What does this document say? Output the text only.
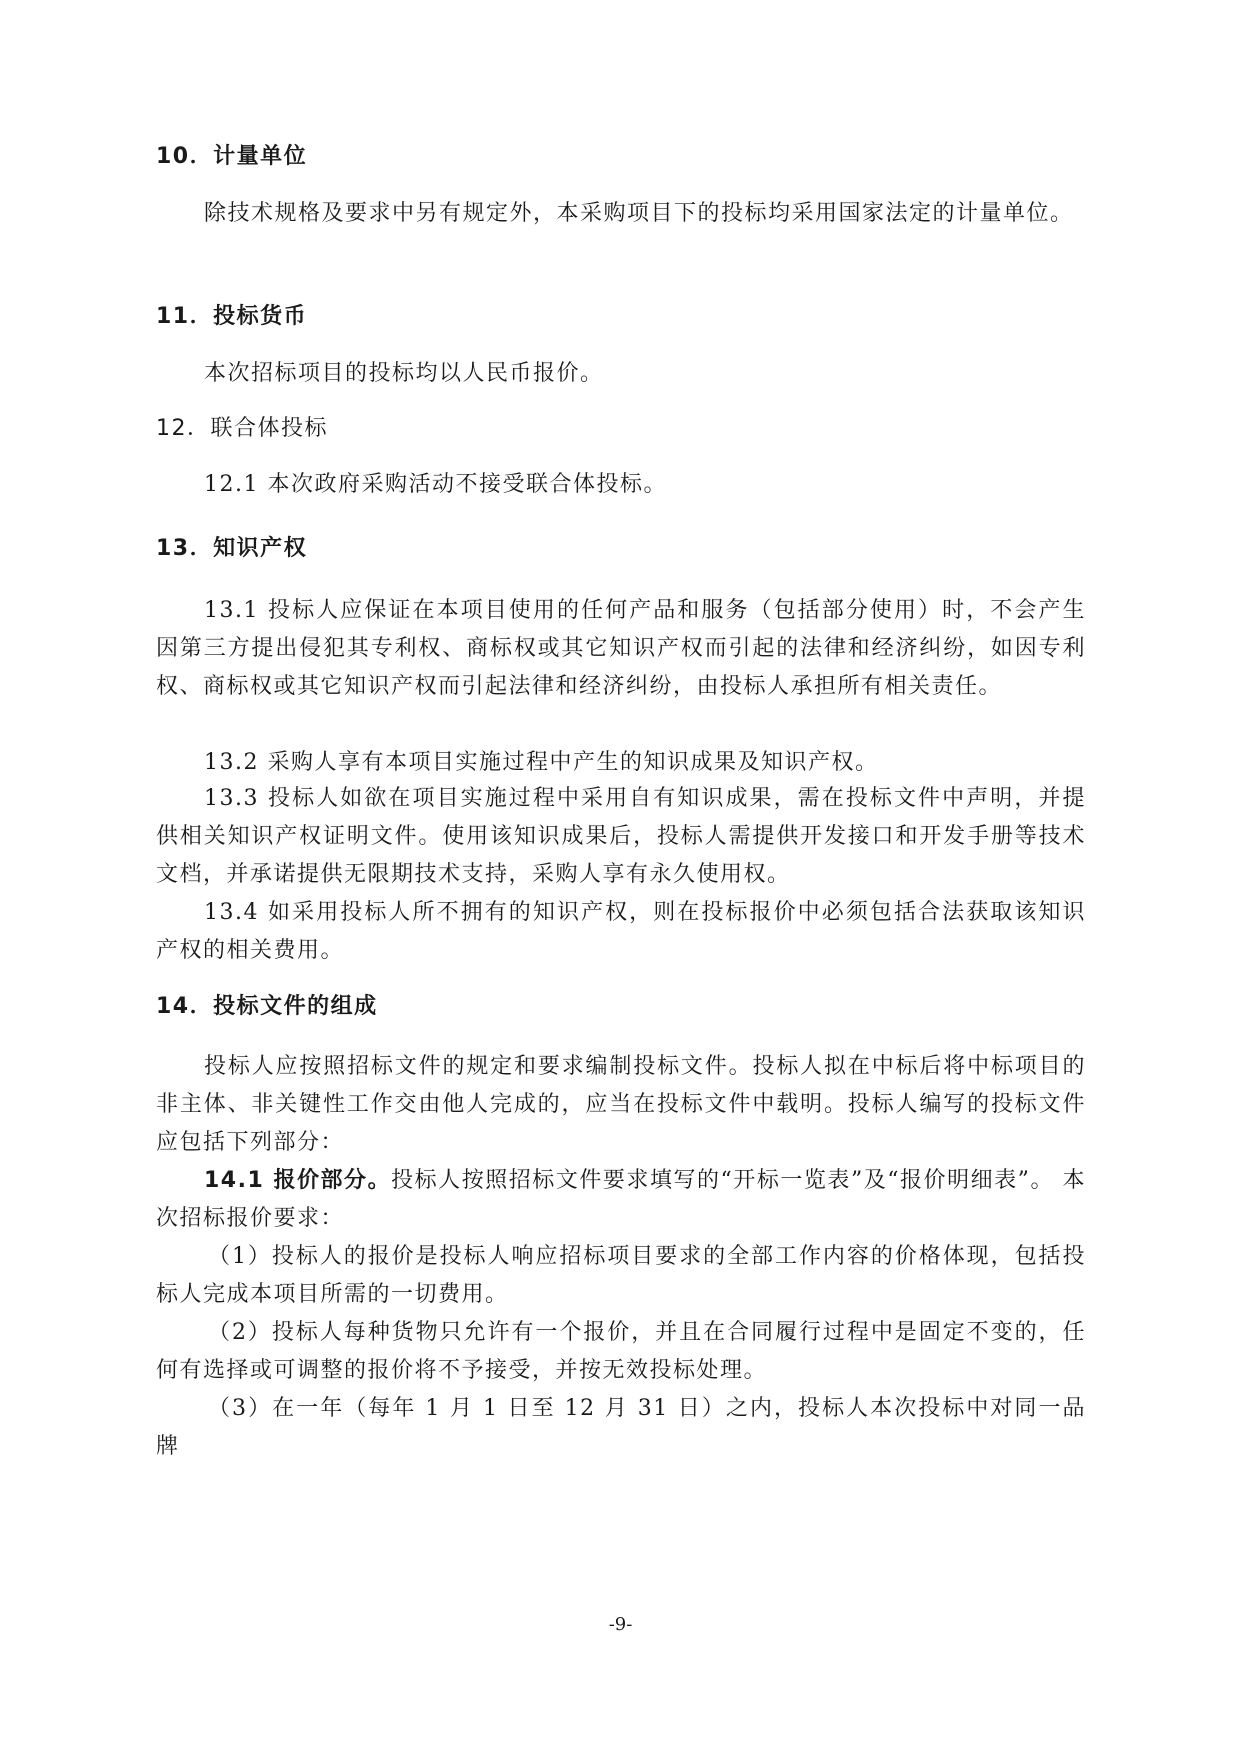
10．计量单位

除技术规格及要求中另有规定外，本采购项目下的投标均采用国家法定的计量单位。

11．投标货币

本次招标项目的投标均以人民币报价。

12．联合体投标

12.1 本次政府采购活动不接受联合体投标。

13．知识产权

13.1 投标人应保证在本项目使用的任何产品和服务（包括部分使用）时，不会产生因第三方提出侵犯其专利权、商标权或其它知识产权而引起的法律和经济纠纷，如因专利权、商标权或其它知识产权而引起法律和经济纠纷，由投标人承担所有相关责任。

13.2 采购人享有本项目实施过程中产生的知识成果及知识产权。

13.3 投标人如欲在项目实施过程中采用自有知识成果，需在投标文件中声明，并提供相关知识产权证明文件。使用该知识成果后，投标人需提供开发接口和开发手册等技术文档，并承诺提供无限期技术支持，采购人享有永久使用权。

13.4 如采用投标人所不拥有的知识产权，则在投标报价中必须包括合法获取该知识产权的相关费用。

14．投标文件的组成

投标人应按照招标文件的规定和要求编制投标文件。投标人拟在中标后将中标项目的非主体、非关键性工作交由他人完成的，应当在投标文件中载明。投标人编写的投标文件应包括下列部分：

14.1 报价部分。投标人按照招标文件要求填写的“开标一览表”及“报价明细表”。 本次招标报价要求：

（1）投标人的报价是投标人响应招标项目要求的全部工作内容的价格体现，包括投标人完成本项目所需的一切费用。

（2）投标人每种货物只允许有一个报价，并且在合同履行过程中是固定不变的，任何有选择或可调整的报价将不予接受，并按无效投标处理。

（3）在一年（每年 1 月 1 日至 12 月 31 日）之内，投标人本次投标中对同一品牌

-9-
